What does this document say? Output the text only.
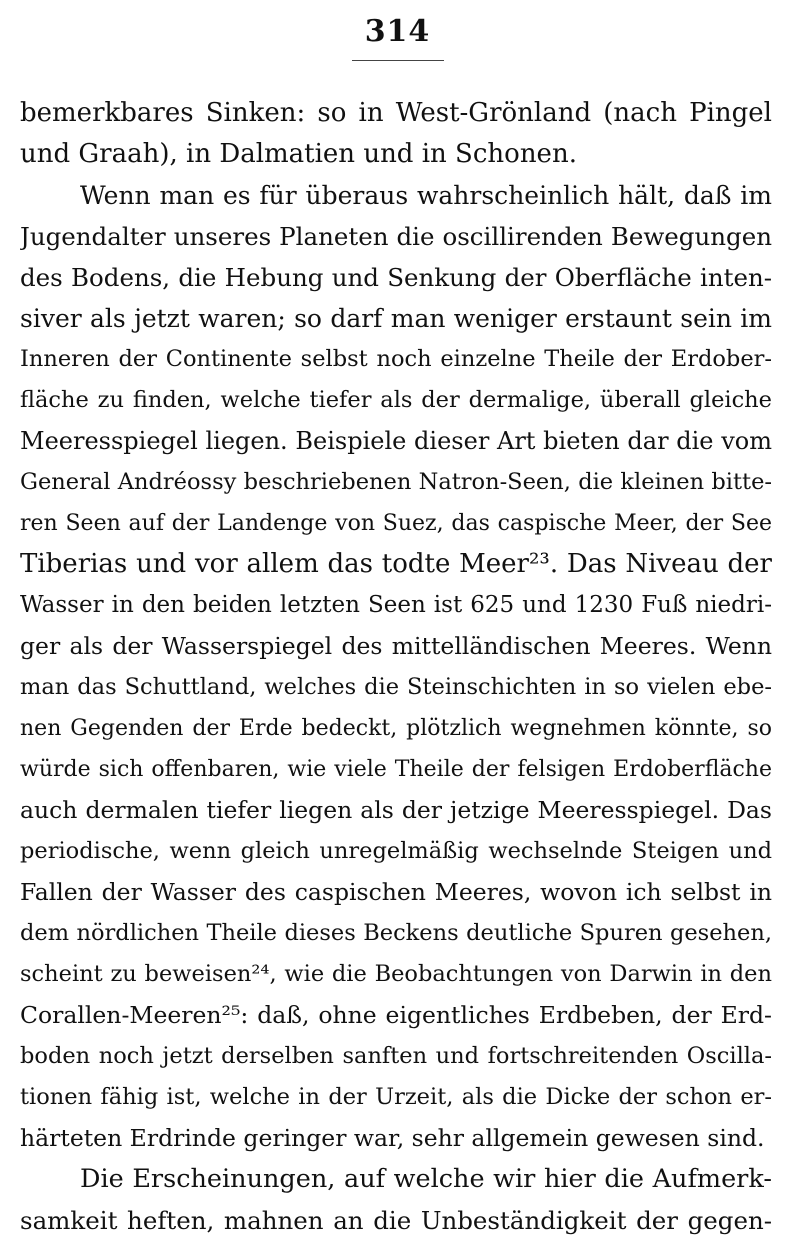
314
bemerkbares Sinken: so in West-Grönland (nach Pingel
und Graah), in Dalmatien und in Schonen.
Wenn man es für überaus wahrscheinlich hält, daß im
Jugendalter unseres Planeten die oscillirenden Bewegungen
des Bodens, die Hebung und Senkung der Oberfläche inten-
siver als jetzt waren; so darf man weniger erstaunt sein im
Inneren der Continente selbst noch einzelne Theile der Erdober-
fläche zu finden, welche tiefer als der dermalige, überall gleiche
Meeresspiegel liegen. Beispiele dieser Art bieten dar die vom
General Andréossy beschriebenen Natron-Seen, die kleinen bitte-
ren Seen auf der Landenge von Suez, das caspische Meer, der See
Tiberias und vor allem das todte Meer²³. Das Niveau der
Wasser in den beiden letzten Seen ist 625 und 1230 Fuß niedri-
ger als der Wasserspiegel des mittelländischen Meeres. Wenn
man das Schuttland, welches die Steinschichten in so vielen ebe-
nen Gegenden der Erde bedeckt, plötzlich wegnehmen könnte, so
würde sich offenbaren, wie viele Theile der felsigen Erdoberfläche
auch dermalen tiefer liegen als der jetzige Meeresspiegel. Das
periodische, wenn gleich unregelmäßig wechselnde Steigen und
Fallen der Wasser des caspischen Meeres, wovon ich selbst in
dem nördlichen Theile dieses Beckens deutliche Spuren gesehen,
scheint zu beweisen²⁴, wie die Beobachtungen von Darwin in den
Corallen-Meeren²⁵: daß, ohne eigentliches Erdbeben, der Erd-
boden noch jetzt derselben sanften und fortschreitenden Oscilla-
tionen fähig ist, welche in der Urzeit, als die Dicke der schon er-
härteten Erdrinde geringer war, sehr allgemein gewesen sind.
Die Erscheinungen, auf welche wir hier die Aufmerk-
samkeit heften, mahnen an die Unbeständigkeit der gegen-
